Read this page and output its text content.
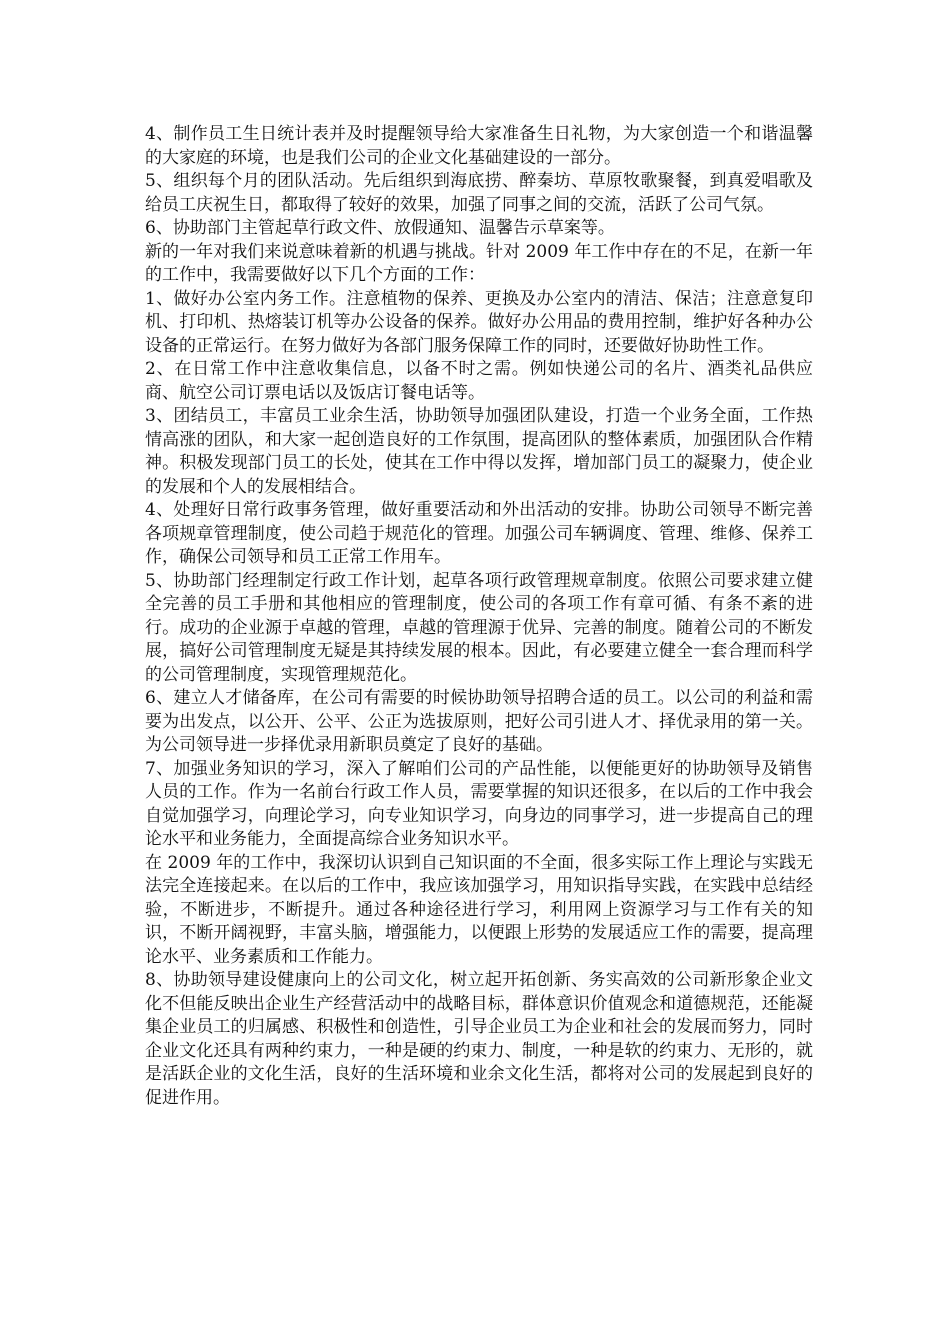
4、制作员工生日统计表并及时提醒领导给大家准备生日礼物，为大家创造一个和谐温馨的大家庭的环境，也是我们公司的企业文化基础建设的一部分。

5、组织每个月的团队活动。先后组织到海底捞、醉秦坊、草原牧歌聚餐，到真爱唱歌及给员工庆祝生日，都取得了较好的效果，加强了同事之间的交流，活跃了公司气氛。

6、协助部门主管起草行政文件、放假通知、温馨告示草案等。

新的一年对我们来说意味着新的机遇与挑战。针对 2009 年工作中存在的不足，在新一年的工作中，我需要做好以下几个方面的工作：

1、做好办公室内务工作。注意植物的保养、更换及办公室内的清洁、保洁；注意意复印机、打印机、热熔装订机等办公设备的保养。做好办公用品的费用控制，维护好各种办公设备的正常运行。在努力做好为各部门服务保障工作的同时，还要做好协助性工作。

2、在日常工作中注意收集信息，以备不时之需。例如快递公司的名片、酒类礼品供应商、航空公司订票电话以及饭店订餐电话等。

3、团结员工，丰富员工业余生活，协助领导加强团队建设，打造一个业务全面，工作热情高涨的团队，和大家一起创造良好的工作氛围，提高团队的整体素质，加强团队合作精神。积极发现部门员工的长处，使其在工作中得以发挥，增加部门员工的凝聚力，使企业的发展和个人的发展相结合。

4、处理好日常行政事务管理，做好重要活动和外出活动的安排。协助公司领导不断完善各项规章管理制度，使公司趋于规范化的管理。加强公司车辆调度、管理、维修、保养工作，确保公司领导和员工正常工作用车。

5、协助部门经理制定行政工作计划，起草各项行政管理规章制度。依照公司要求建立健全完善的员工手册和其他相应的管理制度，使公司的各项工作有章可循、有条不紊的进行。成功的企业源于卓越的管理，卓越的管理源于优异、完善的制度。随着公司的不断发展，搞好公司管理制度无疑是其持续发展的根本。因此，有必要建立健全一套合理而科学的公司管理制度，实现管理规范化。

6、建立人才储备库，在公司有需要的时候协助领导招聘合适的员工。以公司的利益和需要为出发点，以公开、公平、公正为选拔原则，把好公司引进人才、择优录用的第一关。为公司领导进一步择优录用新职员奠定了良好的基础。

7、加强业务知识的学习，深入了解咱们公司的产品性能，以便能更好的协助领导及销售人员的工作。作为一名前台行政工作人员，需要掌握的知识还很多，在以后的工作中我会自觉加强学习，向理论学习，向专业知识学习，向身边的同事学习，进一步提高自己的理论水平和业务能力，全面提高综合业务知识水平。

在 2009 年的工作中，我深切认识到自己知识面的不全面，很多实际工作上理论与实践无法完全连接起来。在以后的工作中，我应该加强学习，用知识指导实践，在实践中总结经验，不断进步，不断提升。通过各种途径进行学习，利用网上资源学习与工作有关的知识，不断开阔视野，丰富头脑，增强能力，以便跟上形势的发展适应工作的需要，提高理论水平、业务素质和工作能力。

8、协助领导建设健康向上的公司文化，树立起开拓创新、务实高效的公司新形象企业文化不但能反映出企业生产经营活动中的战略目标，群体意识价值观念和道德规范，还能凝集企业员工的归属感、积极性和创造性，引导企业员工为企业和社会的发展而努力，同时企业文化还具有两种约束力，一种是硬的约束力、制度，一种是软的约束力、无形的，就是活跃企业的文化生活，良好的生活环境和业余文化生活，都将对公司的发展起到良好的促进作用。
